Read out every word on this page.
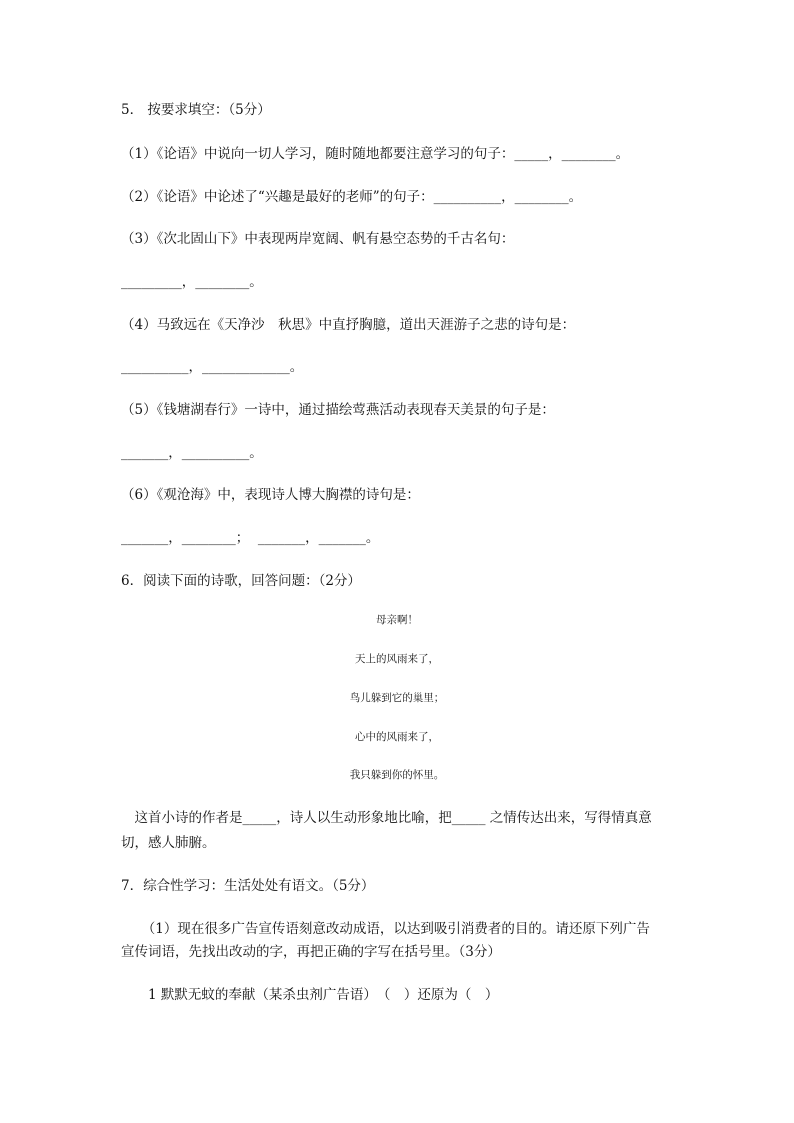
5． 按要求填空：（5分）
（1）《论语》中说向一切人学习，随时随地都要注意学习的句子：_____，________。
（2）《论语》中论述了“兴趣是最好的老师”的句子：__________，________。
（3）《次北固山下》中表现两岸宽阔、帆有悬空态势的千古名句：
_________，________。
（4）马致远在《天净沙　秋思》中直抒胸臆，道出天涯游子之悲的诗句是：
__________，_____________。
（5）《钱塘湖春行》一诗中，通过描绘莺燕活动表现春天美景的句子是：
_______，__________。
（6）《观沧海》中，表现诗人博大胸襟的诗句是：
_______，________；  _______，_______。
6．阅读下面的诗歌，回答问题：（2分）
母亲啊！
天上的风雨来了，
鸟儿躲到它的巢里；
心中的风雨来了，
我只躲到你的怀里。
　这首小诗的作者是_____，诗人以生动形象地比喻，把_____ 之情传达出来，写得情真意
切，感人肺腑。
7．综合性学习：生活处处有语文。（5分）
　（1）现在很多广告宣传语刻意改动成语，以达到吸引消费者的目的。请还原下列广告
宣传词语，先找出改动的字，再把正确的字写在括号里。（3分）
1 默默无蚊的奉献（某杀虫剂广告语）　（　）还原为（　）
